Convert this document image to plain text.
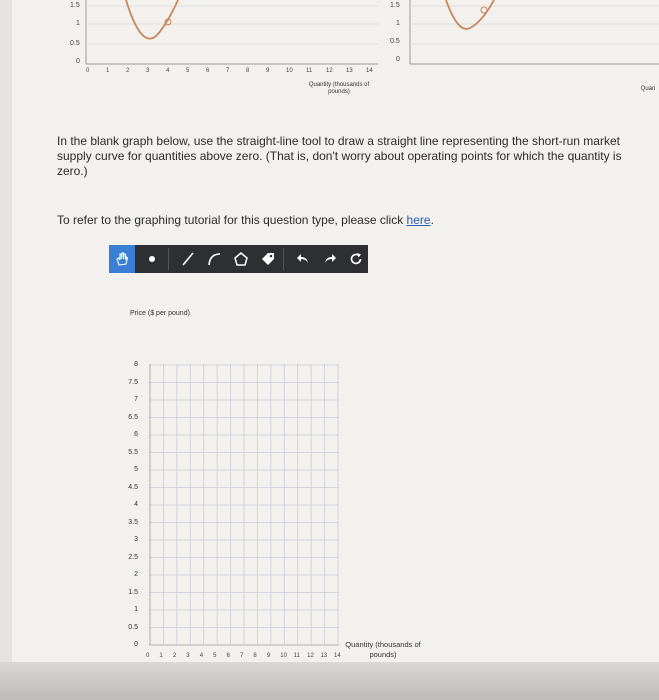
1.5
1
0.5
0
Quantity (thousands of pounds)
1.5
1
0.5
0
Quan
0	1	2	3	4	5	6	7	8	9	10 11 12 13 14
In the blank graph below, use the straight-line tool to draw a straight line representing the short-run market supply curve for quantities above zero. (That is, don't worry about operating points for which the quantity is zero.)
To refer to the graphing tutorial for this question type, please click here.
Price ($ per pound)
8
7.5
7
6.5
6
5.5
5
4.5
4
3.5
3
2.5
2
1.5
1
0.5
0
0 1 2 3 4 5 6 7 8 9 10 11 12 13 14
Quantity (thousands of pounds)
